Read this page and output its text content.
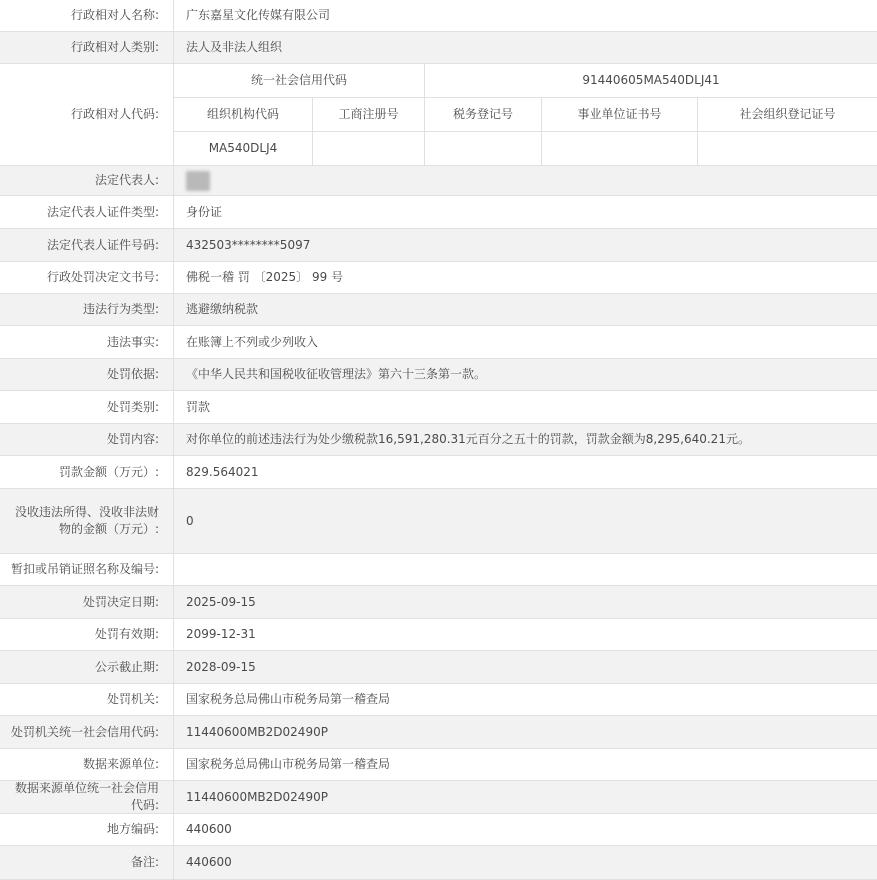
行政相对人名称:	广东嘉星文化传媒有限公司
行政相对人类别:	法人及非法人组织
行政相对人代码:
统一社会信用代码	91440605MA540DLJ41
组织机构代码	工商注册号	税务登记号	事业单位证书号	社会组织登记证号
MA540DLJ4
法定代表人:
法定代表人证件类型:	身份证
法定代表人证件号码:	432503********5097
行政处罚决定文书号:	佛税一稽 罚 〔2025〕 99 号
违法行为类型:	逃避缴纳税款
违法事实:	在账簿上不列或少列收入
处罚依据:	《中华人民共和国税收征收管理法》第六十三条第一款。
处罚类别:	罚款
处罚内容:	对你单位的前述违法行为处少缴税款16,591,280.31元百分之五十的罚款，罚款金额为8,295,640.21元。
罚款金额（万元）:	829.564021
没收违法所得、没收非法财物的金额（万元）:
0
暂扣或吊销证照名称及编号:
处罚决定日期:	2025-09-15
处罚有效期:	2099-12-31
公示截止期:	2028-09-15
处罚机关:	国家税务总局佛山市税务局第一稽查局
处罚机关统一社会信用代码:	11440600MB2D02490P
数据来源单位:	国家税务总局佛山市税务局第一稽查局
数据来源单位统一社会信用代码:
11440600MB2D02490P
地方编码:	440600
备注:	440600
